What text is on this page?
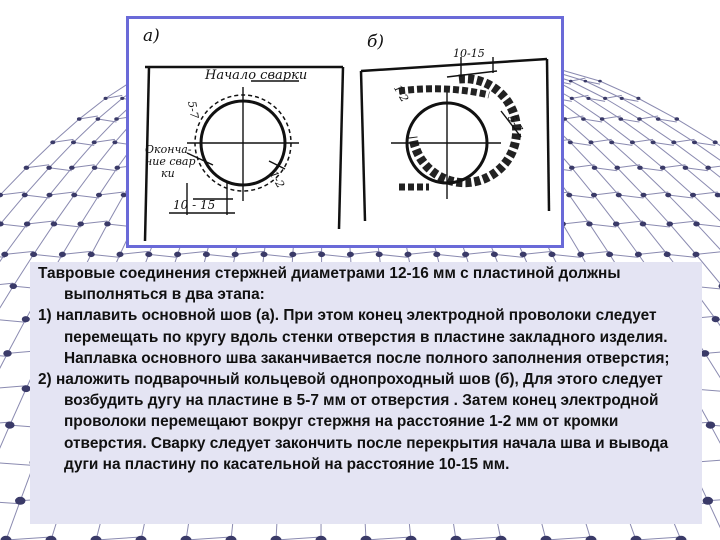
а)
Начало сварки
Оконча-
ние свар
ки
10 - 15
1-2
5-7
б)
10-15
1-2
5-7

Тавровые соединения стержней диаметрами 12-16 мм с пластиной должны выполняться в два этапа:

1) наплавить основной шов (а). При этом конец электродной проволоки следует перемещать по кругу вдоль стенки отверстия в пластине закладного изделия. Наплавка основного шва заканчивается после полного заполнения отверстия;

2) наложить подварочный кольцевой однопроходный шов (б), Для этого следует возбудить дугу на пластине в 5-7 мм от отверстия . Затем конец электродной проволоки перемещают вокруг стержня на расстояние 1-2 мм от кромки отверстия. Сварку следует закончить после перекрытия начала шва и вывода дуги на пластину по касательной на расстояние 10-15 мм.
